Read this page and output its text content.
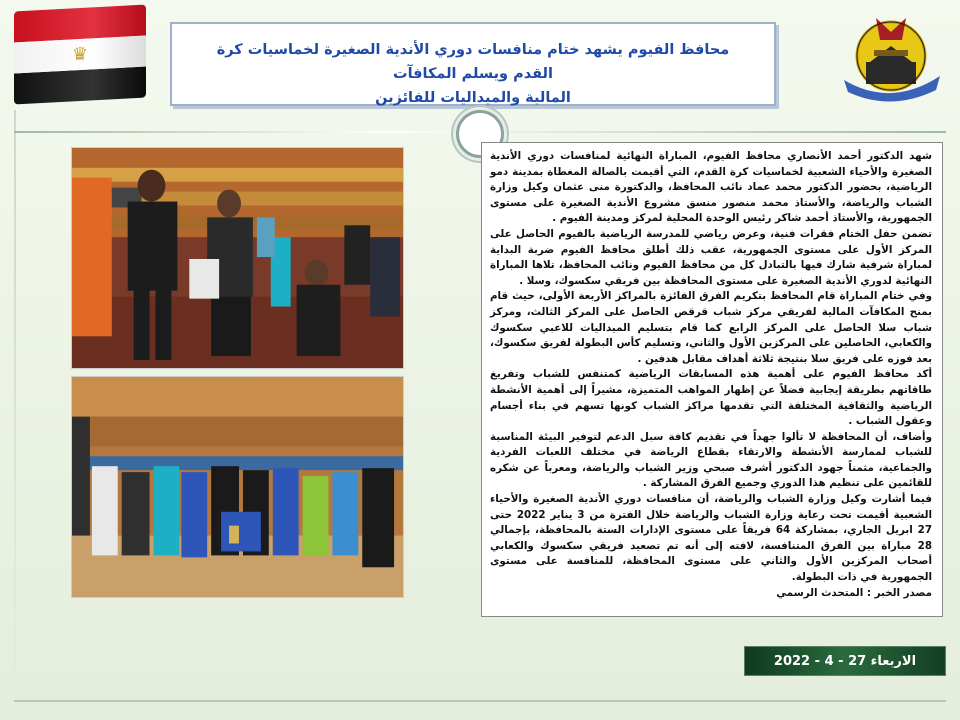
♛	محافظ الفيوم يشهد ختام منافسات دوري الأندية الصغيرة لخماسيات كرة القدم ويسلم المكافآت

المالية والميداليات للفائزين

شهد الدكتور أحمد الأنصاري محافظ الفيوم، المباراة النهائية لمنافسات دوري الأندية الصغيرة والأحياء الشعبية لخماسيات كرة القدم، التي أقيمت بالصالة المغطاة بمدينة دمو الرياضية، بحضور الدكتور محمد عماد نائب المحافظ، والدكتورة منى عثمان وكيل وزارة الشباب والرياضة، والأستاذ محمد منصور منسق مشروع الأندية الصغيرة على مستوى الجمهورية، والأستاذ أحمد شاكر رئيس الوحدة المحلية لمركز ومدينة الفيوم .

تضمن حفل الختام فقرات فنية، وعرض رياضي للمدرسة الرياضية بالفيوم الحاصل على المركز الأول على مستوى الجمهورية، عقب ذلك أطلق محافظ الفيوم ضربة البداية لمباراة شرفية شارك فيها بالتبادل كل من محافظ الفيوم ونائب المحافظ، تلاها المباراة النهائية لدوري الأندية الصغيرة على مستوى المحافظة بين فريقي سكسوك، وسلا .

وفي ختام المباراة قام المحافظ بتكريم الفرق الفائزة بالمراكز الأربعة الأولى، حيث قام بمنح المكافآت المالية لفريقي مركز شباب قرقص الحاصل على المركز الثالث، ومركز شباب سلا الحاصل على المركز الرابع كما قام بتسليم الميداليات للاعبي سكسوك والكعابي، الحاصلين على المركزين الأول والثاني، وتسليم كأس البطولة لفريق سكسوك، بعد فوزه على فريق سلا بنتيجة ثلاثة أهداف مقابل هدفين .

أكد محافظ الفيوم على أهمية هذه المسابقات الرياضية كمتنفس للشباب وتفريغ طاقاتهم بطريقة إيجابية فضلاً عن إظهار المواهب المتميزة، مشيراً إلى أهمية الأنشطة الرياضية والثقافية المختلفة التي تقدمها مراكز الشباب كونها تسهم في بناء أجسام وعقول الشباب .

وأضاف، أن المحافظة لا تألوا جهداً في تقديم كافة سبل الدعم لتوفير البيئة المناسبة للشباب لممارسة الأنشطة والارتقاء بقطاع الرياضة في مختلف اللعبات الفردية والجماعية، مثمناً جهود الدكتور أشرف صبحي وزير الشباب والرياضة، ومعرباً عن شكره للقائمين على تنظيم هذا الدوري وجميع الفرق المشاركة .

فيما أشارت وكيل وزارة الشباب والرياضة، أن منافسات دوري الأندية الصغيرة والأحياء الشعبية أقيمت تحت رعاية وزارة الشباب والرياضة خلال الفترة من 3 يناير 2022 حتى 27 ابريل الجاري، بمشاركة 64 فريقاً على مستوى الإدارات الستة بالمحافظة، بإجمالي 28 مباراة بين الفرق المتنافسة، لافته إلى أنه تم تصعيد فريقي سكسوك والكعابي أصحاب المركزين الأول والثاني على مستوى المحافظة، للمنافسة على مستوى الجمهورية في ذات البطولة.

مصدر الخبر : المتحدث الرسمي

الاربعاء 27 - 4 - 2022
